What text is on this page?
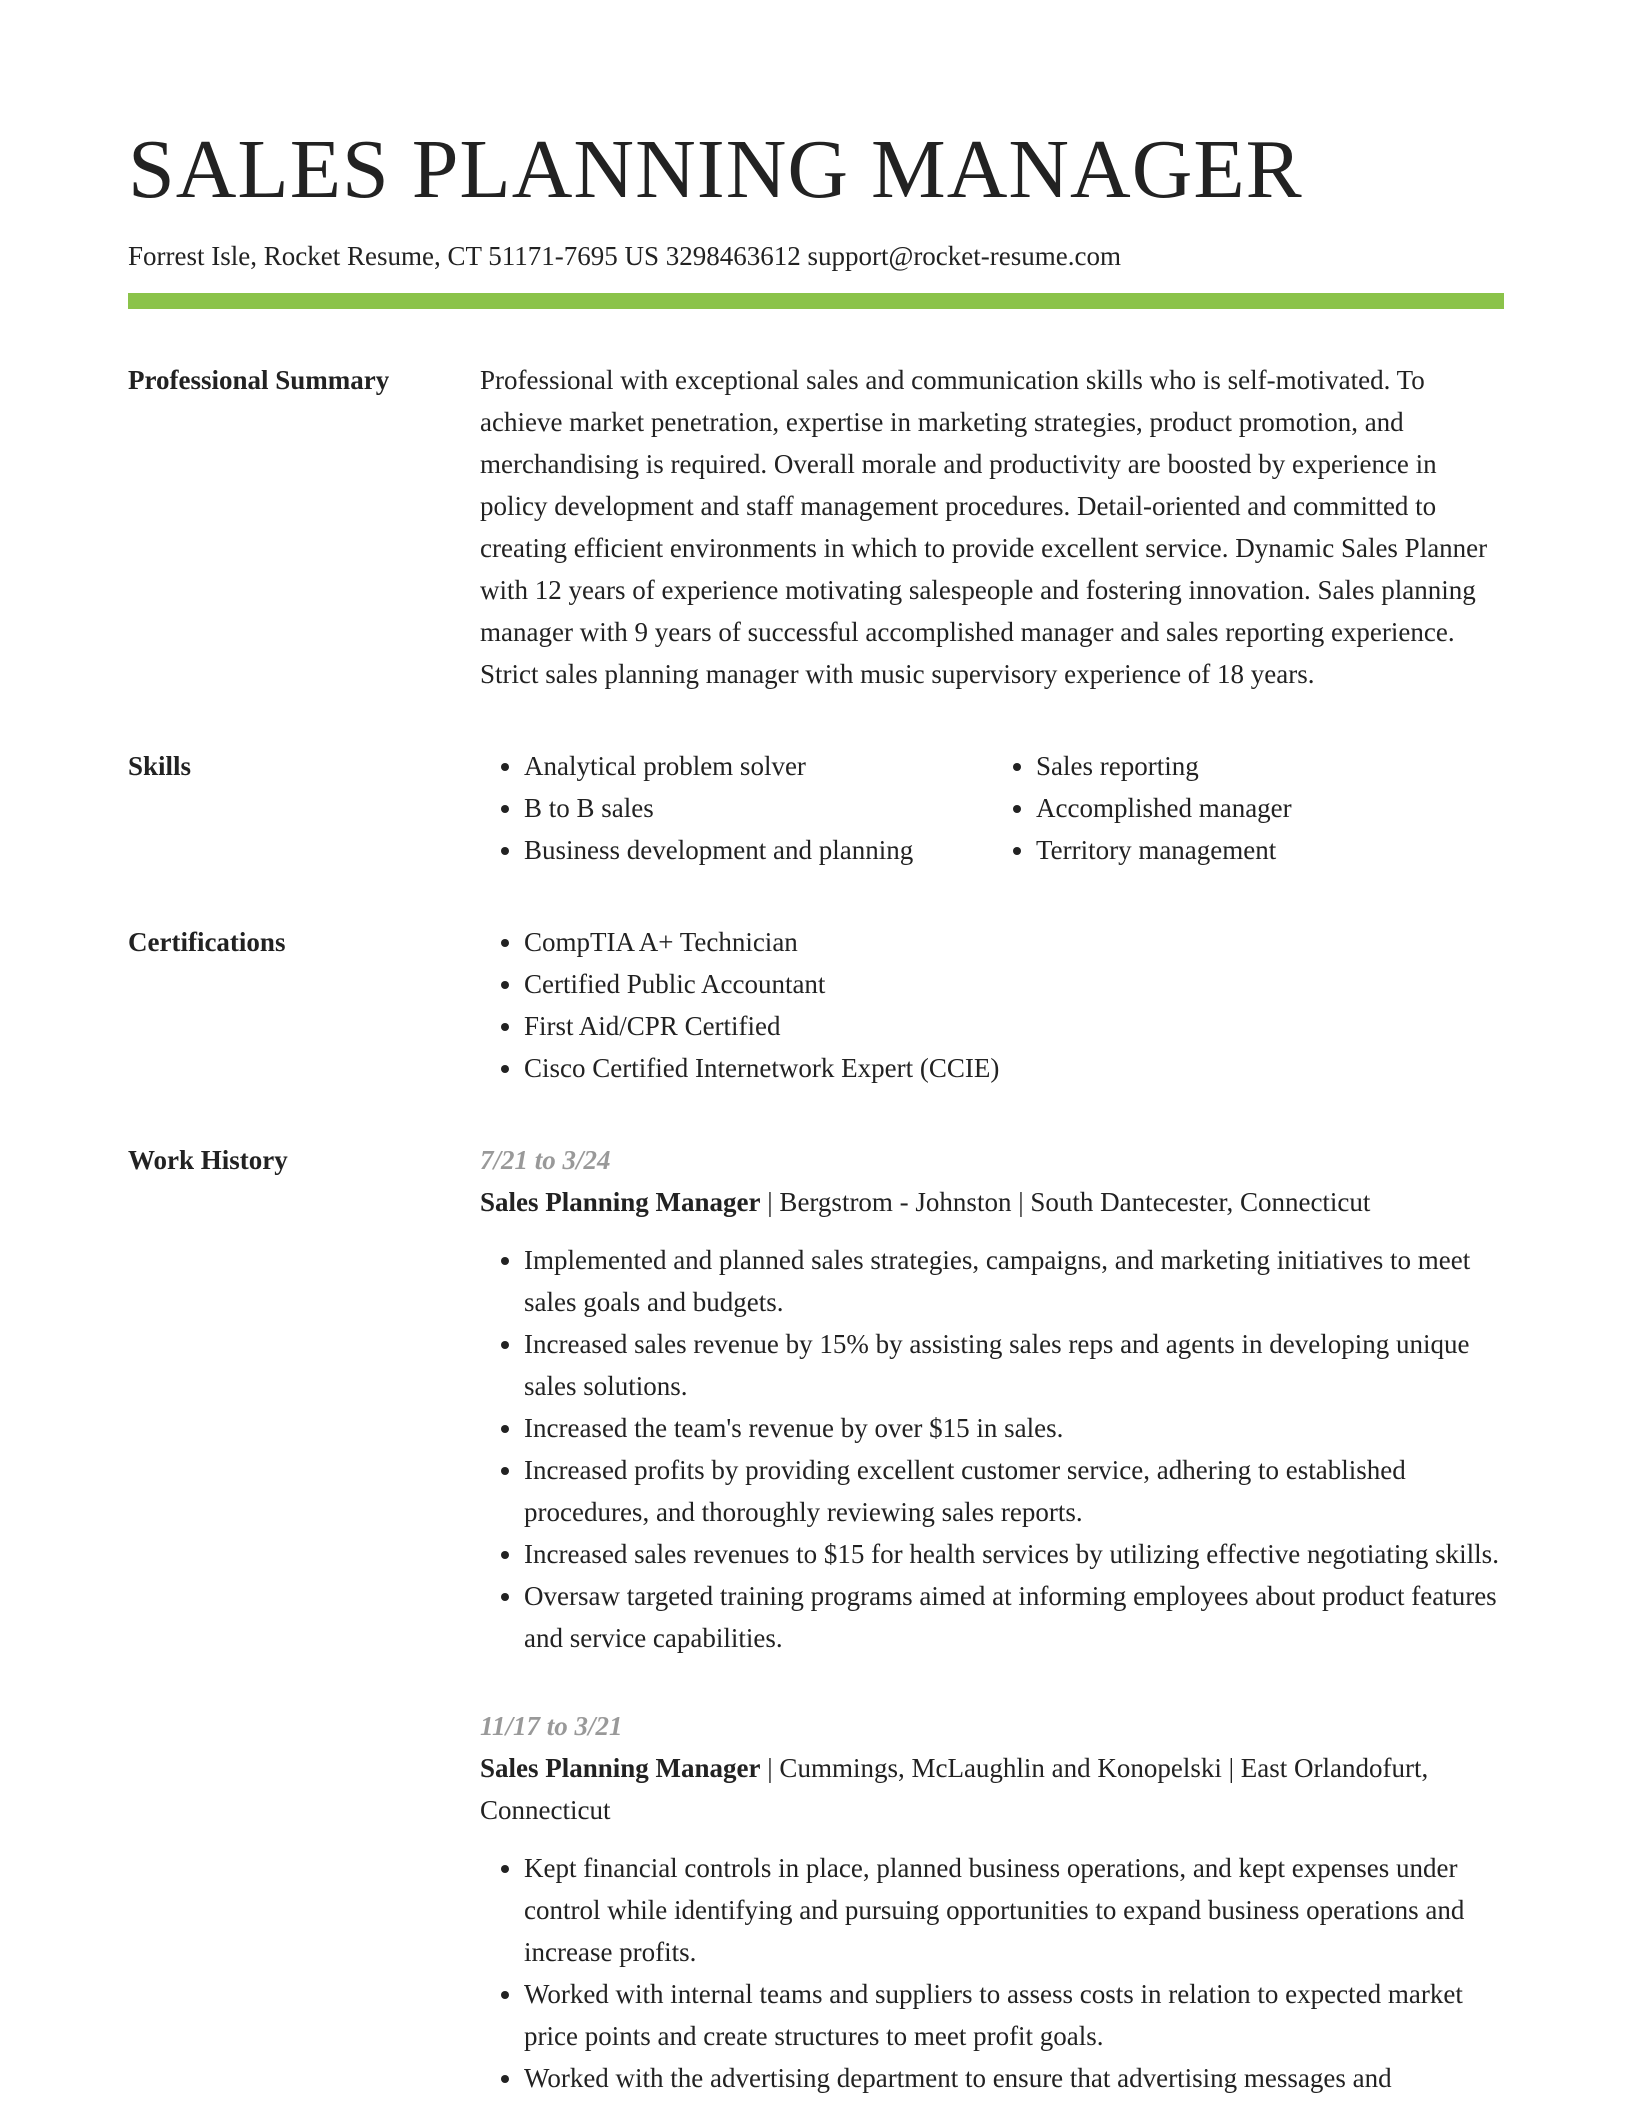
SALES PLANNING MANAGER
Forrest Isle, Rocket Resume, CT 51171-7695 US 3298463612 support@rocket-resume.com
Professional Summary	Professional with exceptional sales and communication skills who is self-motivated. To achieve market penetration, expertise in marketing strategies, product promotion, and merchandising is required. Overall morale and productivity are boosted by experience in policy development and staff management procedures. Detail-oriented and committed to creating efficient environments in which to provide excellent service. Dynamic Sales Planner with 12 years of experience motivating salespeople and fostering innovation. Sales planning manager with 9 years of successful accomplished manager and sales reporting experience. Strict sales planning manager with music supervisory experience of 18 years.

Skills	• Analytical problem solver
• B to B sales
• Business development and planning
• Sales reporting
• Accomplished manager
• Territory management
Certifications	• CompTIA A+ Technician
• Certified Public Accountant
• First Aid/CPR Certified
• Cisco Certified Internetwork Expert (CCIE)
Work History	7/21 to 3/24
Sales Planning Manager | Bergstrom - Johnston | South Dantecester, Connecticut
• Implemented and planned sales strategies, campaigns, and marketing initiatives to meet sales goals and budgets.
• Increased sales revenue by 15% by assisting sales reps and agents in developing unique sales solutions.
• Increased the team's revenue by over $15 in sales.
• Increased profits by providing excellent customer service, adhering to established procedures, and thoroughly reviewing sales reports.
• Increased sales revenues to $15 for health services by utilizing effective negotiating skills.
• Oversaw targeted training programs aimed at informing employees about product features and service capabilities.
11/17 to 3/21
Sales Planning Manager | Cummings, McLaughlin and Konopelski | East Orlandofurt, Connecticut
• Kept financial controls in place, planned business operations, and kept expenses under control while identifying and pursuing opportunities to expand business operations and increase profits.
• Worked with internal teams and suppliers to assess costs in relation to expected market price points and create structures to meet profit goals.
• Worked with the advertising department to ensure that advertising messages and
